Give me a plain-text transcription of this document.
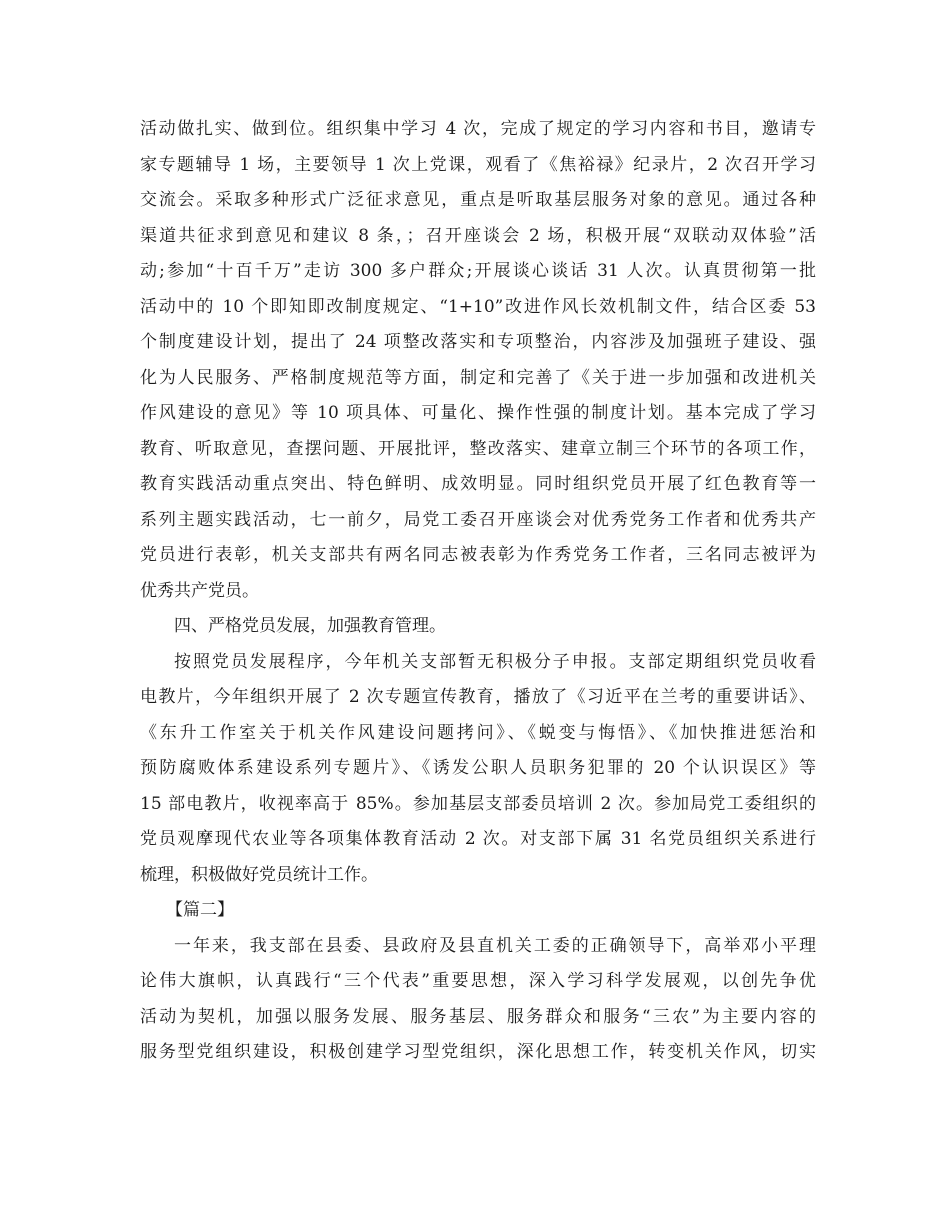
活动做扎实、做到位。组织集中学习 4 次，完成了规定的学习内容和书目，邀请专
家专题辅导 1 场，主要领导 1 次上党课，观看了《焦裕禄》纪录片，2 次召开学习
交流会。采取多种形式广泛征求意见，重点是听取基层服务对象的意见。通过各种
渠道共征求到意见和建议 8 条，；召开座谈会 2 场，积极开展“双联动双体验”活
动;参加“十百千万”走访 300 多户群众;开展谈心谈话 31 人次。认真贯彻第一批
活动中的 10 个即知即改制度规定、“1+10”改进作风长效机制文件，结合区委 53
个制度建设计划，提出了 24 项整改落实和专项整治，内容涉及加强班子建设、强
化为人民服务、严格制度规范等方面，制定和完善了《关于进一步加强和改进机关
作风建设的意见》等 10 项具体、可量化、操作性强的制度计划。基本完成了学习
教育、听取意见，查摆问题、开展批评，整改落实、建章立制三个环节的各项工作，
教育实践活动重点突出、特色鲜明、成效明显。同时组织党员开展了红色教育等一
系列主题实践活动，七一前夕，局党工委召开座谈会对优秀党务工作者和优秀共产
党员进行表彰，机关支部共有两名同志被表彰为作秀党务工作者，三名同志被评为
优秀共产党员。
四、严格党员发展，加强教育管理。
按照党员发展程序，今年机关支部暂无积极分子申报。支部定期组织党员收看
电教片，今年组织开展了 2 次专题宣传教育，播放了《习近平在兰考的重要讲话》、
《东升工作室关于机关作风建设问题拷问》、《蜕变与悔悟》、《加快推进惩治和
预防腐败体系建设系列专题片》、《诱发公职人员职务犯罪的 20 个认识误区》等
15 部电教片，收视率高于 85%。参加基层支部委员培训 2 次。参加局党工委组织的
党员观摩现代农业等各项集体教育活动 2 次。对支部下属 31 名党员组织关系进行
梳理，积极做好党员统计工作。
【篇二】
一年来，我支部在县委、县政府及县直机关工委的正确领导下，高举邓小平理
论伟大旗帜，认真践行“三个代表”重要思想，深入学习科学发展观，以创先争优
活动为契机，加强以服务发展、服务基层、服务群众和服务“三农”为主要内容的
服务型党组织建设，积极创建学习型党组织，深化思想工作，转变机关作风，切实
